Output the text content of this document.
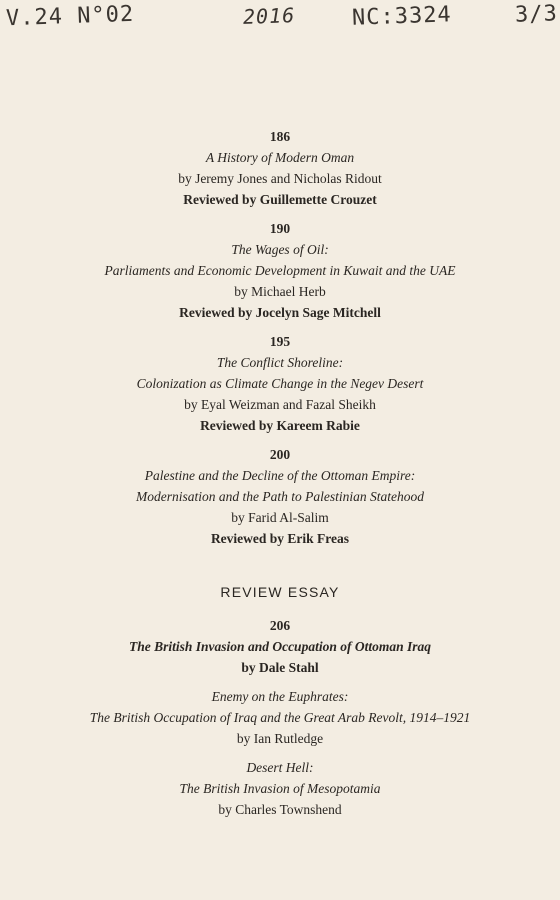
V.24 N°02	2016	NC:3324	3/3
186
A History of Modern Oman
by Jeremy Jones and Nicholas Ridout
Reviewed by Guillemette Crouzet
190
The Wages of Oil:
Parliaments and Economic Development in Kuwait and the UAE
by Michael Herb
Reviewed by Jocelyn Sage Mitchell
195
The Conflict Shoreline:
Colonization as Climate Change in the Negev Desert
by Eyal Weizman and Fazal Sheikh
Reviewed by Kareem Rabie
200
Palestine and the Decline of the Ottoman Empire:
Modernisation and the Path to Palestinian Statehood
by Farid Al-Salim
Reviewed by Erik Freas
REVIEW ESSAY
206
The British Invasion and Occupation of Ottoman Iraq
by Dale Stahl
Enemy on the Euphrates:
The British Occupation of Iraq and the Great Arab Revolt, 1914–1921
by Ian Rutledge
Desert Hell:
The British Invasion of Mesopotamia
by Charles Townshend
